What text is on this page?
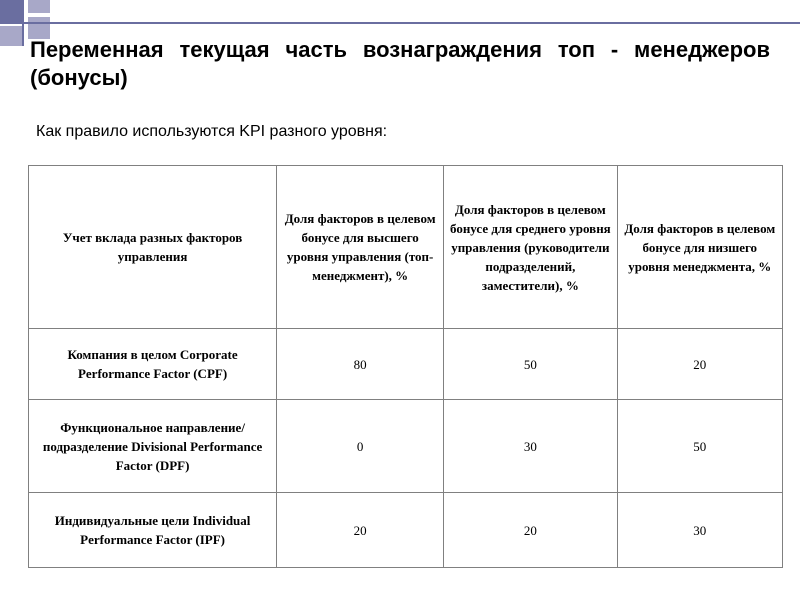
Переменная текущая часть вознаграждения топ - менеджеров (бонусы)
Как правило используются KPI разного уровня:
Учет вклада разных факторов управления	Доля факторов в целевом бонусе для высшего уровня управления (топ-менеджмент), %	Доля факторов в целевом бонусе для среднего уровня управления (руководители подразделений, заместители), %	Доля факторов в целевом бонусе для низшего уровня менеджмента, %
Компания в целом Corporate Performance Factor (CPF)	80	50	20
Функциональное направление/подразделение Divisional Performance Factor (DPF)	0	30	50
Индивидуальные цели Individual Performance Factor (IPF)	20	20	30
